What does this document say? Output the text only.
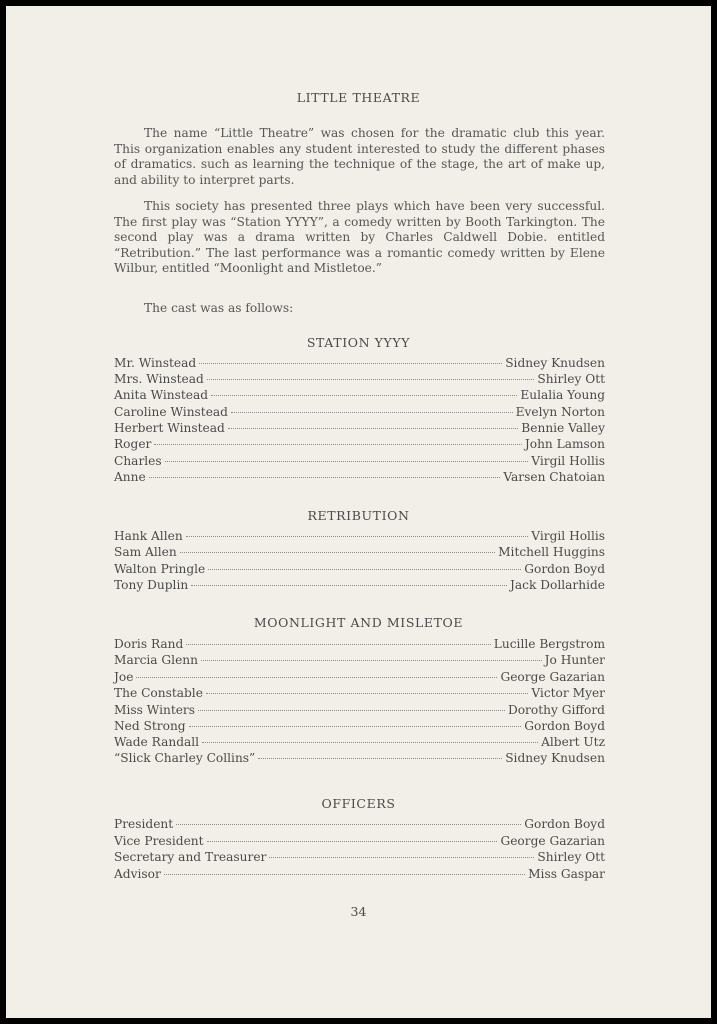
LITTLE THEATRE

The name “Little Theatre” was chosen for the dramatic club this year. This organization enables any student interested to study the different phases of dramatics. such as learning the technique of the stage, the art of make up, and ability to interpret parts.

This society has presented three plays which have been very successful. The first play was “Station YYYY”, a comedy written by Booth Tarkington. The second play was a drama written by Charles Caldwell Dobie. entitled “Retribution.” The last performance was a romantic comedy written by Elene Wilbur, entitled “Moonlight and Mistletoe.”

The cast was as follows:
STATION YYYY
Mr. Winstead	Sidney Knudsen
Mrs. Winstead	Shirley Ott
Anita Winstead	Eulalia Young
Caroline Winstead	Evelyn Norton
Herbert Winstead	Bennie Valley
Roger	John Lamson
Charles	Virgil Hollis
Anne	Varsen Chatoian
RETRIBUTION
Hank Allen	Virgil Hollis
Sam Allen	Mitchell Huggins
Walton Pringle	Gordon Boyd
Tony Duplin	Jack Dollarhide
MOONLIGHT AND MISLETOE
Doris Rand	Lucille Bergstrom
Marcia Glenn	Jo Hunter
Joe	George Gazarian
The Constable	Victor Myer
Miss Winters	Dorothy Gifford
Ned Strong	Gordon Boyd
Wade Randall	Albert Utz
“Slick Charley Collins”	Sidney Knudsen
OFFICERS
President	Gordon Boyd
Vice President	George Gazarian
Secretary and Treasurer	Shirley Ott
Advisor	Miss Gaspar
34
